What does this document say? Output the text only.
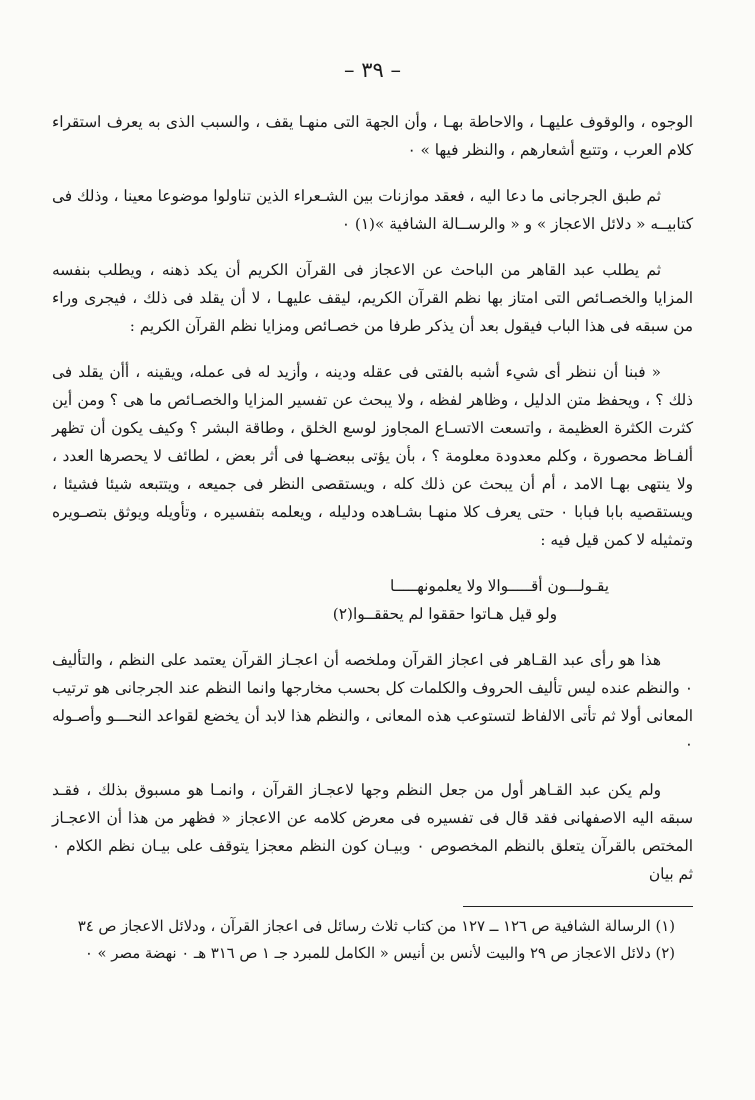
– ٣٩ –

الوجوه ، والوقوف عليهـا ، والاحاطة بهـا ، وأن الجهة التى منهـا يقف ، والسبب الذى به يعرف استقراء كلام العرب ، وتتبع أشعارهم ، والنظر فيها » ٠

ثم طبق الجرجانى ما دعا اليه ، فعقد موازنات بين الشـعراء الذين تناولوا موضوعا معينا ، وذلك فى كتابيــه « دلائل الاعجاز » و « والرســالة الشافية »(١) ٠

ثم يطلب عبد القاهر من الباحث عن الاعجاز فى القرآن الكريم أن يكد ذهنه ، ويطلب بنفسه المزايا والخصـائص التى امتاز بها نظم القرآن الكريم، ليقف عليهـا ، لا أن يقلد فى ذلك ، فيجرى وراء من سبقه فى هذا الباب فيقول بعد أن يذكر طرفا من خصـائص ومزايا نظم القرآن الكريم :

« فبنا أن ننظر أى شيء أشبه بالفتى فى عقله ودينه ، وأزيد له فى عمله، ويقينه ، أأن يقلد فى ذلك ؟ ، ويحفظ متن الدليل ، وظاهر لفظه ، ولا يبحث عن تفسير المزايا والخصـائص ما هى ؟ ومن أين كثرت الكثرة العظيمة ، واتسعت الاتسـاع المجاوز لوسع الخلق ، وطاقة البشر ؟ وكيف يكون أن تظهر ألفـاظ محصورة ، وكلم معدودة معلومة ؟ ، بأن يؤتى ببعضـها فى أثر بعض ، لطائف لا يحصرها العدد ، ولا ينتهى بهـا الامد ، أم أن يبحث عن ذلك كله ، ويستقصى النظر فى جميعه ، ويتتبعه شيئا فشيئا ، ويستقصيه بابا فبابا ٠ حتى يعرف كلا منهـا بشـاهده ودليله ، ويعلمه بتفسيره ، وتأويله ويوثق بتصـويره وتمثيله لا كمن قيل فيه :

يقـولـــون أقـــــوالا ولا يعلمونهـــــا
ولو قيل هـاتوا حققوا لم يحققــوا(٢)

هذا هو رأى عبد القـاهر فى اعجاز القرآن وملخصه أن اعجـاز القرآن يعتمد على النظم ، والتأليف ٠ والنظم عنده ليس تأليف الحروف والكلمات كل بحسب مخارجها وانما النظم عند الجرجانى هو ترتيب المعانى أولا ثم تأتى الالفاظ لتستوعب هذه المعانى ، والنظم هذا لابد أن يخضع لقواعد النحـــو وأصـوله ٠

ولم يكن عبد القـاهر أول من جعل النظم وجها لاعجـاز القرآن ، وانمـا هو مسبوق بذلك ، فقـد سبقه اليه الاصفهانى فقد قال فى تفسيره فى معرض كلامه عن الاعجاز « فظهر من هذا أن الاعجـاز المختص بالقرآن يتعلق بالنظم المخصوص ٠ وبيـان كون النظم معجزا يتوقف على بيـان نظم الكلام ٠ ثم بيان

(١) الرسالة الشافية ص ١٢٦ ــ ١٢٧ من كتاب ثلاث رسائل فى اعجاز القرآن ، ودلائل الاعجاز ص ٣٤

(٢) دلائل الاعجاز ص ٢٩ والبيت لأنس بن أنيس « الكامل للمبرد جـ ١ ص ٣١٦ هـ ٠ نهضة مصر » ٠
